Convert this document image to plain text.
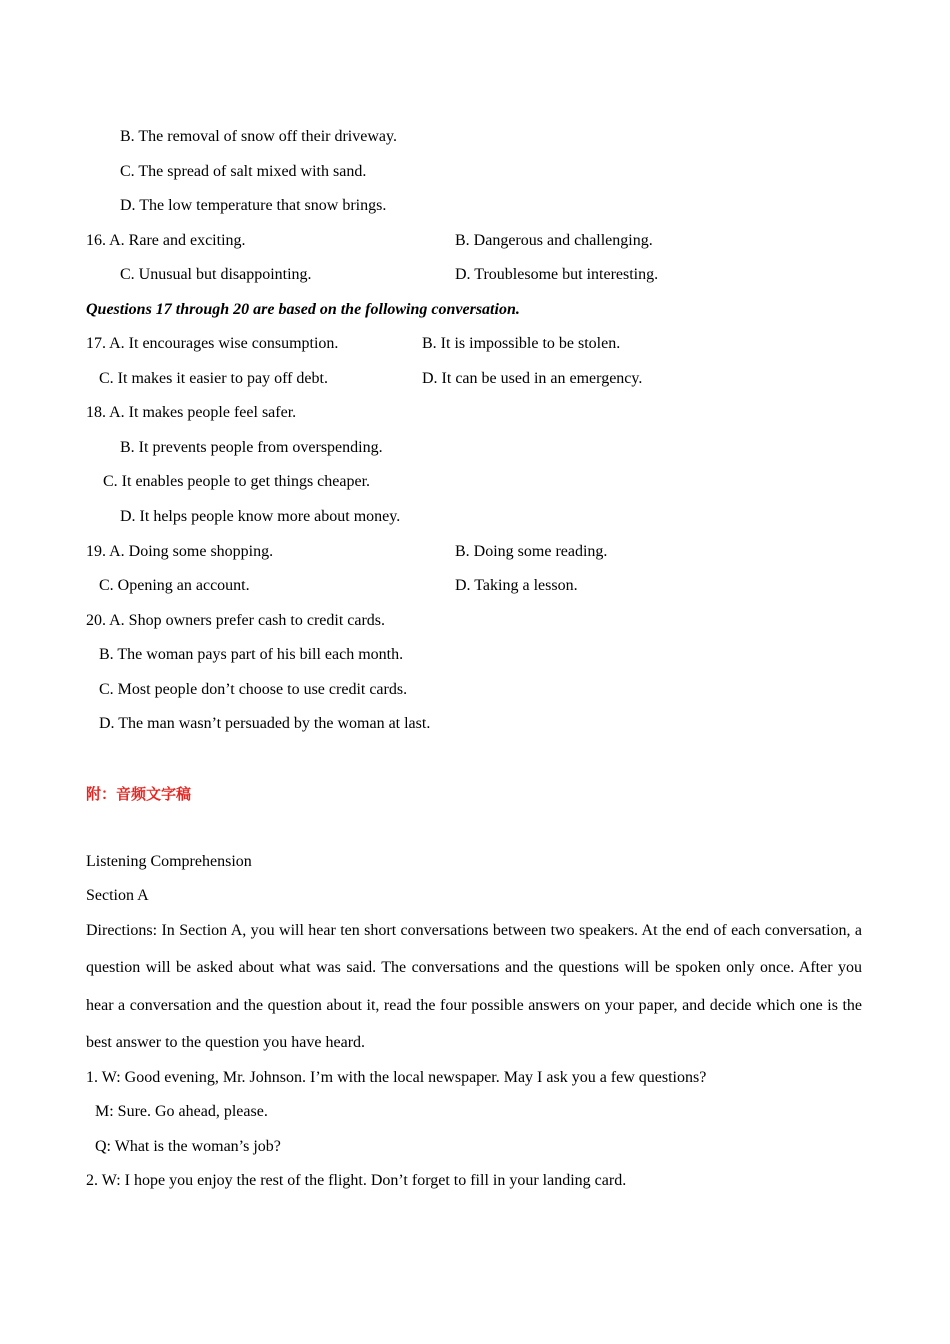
B. The removal of snow off their driveway.
C. The spread of salt mixed with sand.
D. The low temperature that snow brings.
16. A. Rare and exciting.	B. Dangerous and challenging.
C. Unusual but disappointing.	D. Troublesome but interesting.
Questions 17 through 20 are based on the following conversation.
17. A. It encourages wise consumption.	B. It is impossible to be stolen.
C. It makes it easier to pay off debt.	D. It can be used in an emergency.
18. A. It makes people feel safer.
B. It prevents people from overspending.
C. It enables people to get things cheaper.
D. It helps people know more about money.
19. A. Doing some shopping.	B. Doing some reading.
C. Opening an account.	D. Taking a lesson.
20. A. Shop owners prefer cash to credit cards.
B. The woman pays part of his bill each month.
C. Most people don’t choose to use credit cards.
D. The man wasn’t persuaded by the woman at last.
附：音频文字稿
Listening Comprehension
Section A
Directions: In Section A, you will hear ten short conversations between two speakers. At the end of each conversation, a question will be asked about what was said. The conversations and the questions will be spoken only once. After you hear a conversation and the question about it, read the four possible answers on your paper, and decide which one is the best answer to the question you have heard.
1. W: Good evening, Mr. Johnson. I’m with the local newspaper. May I ask you a few questions?
M: Sure. Go ahead, please.
Q: What is the woman’s job?
2. W: I hope you enjoy the rest of the flight. Don’t forget to fill in your landing card.
